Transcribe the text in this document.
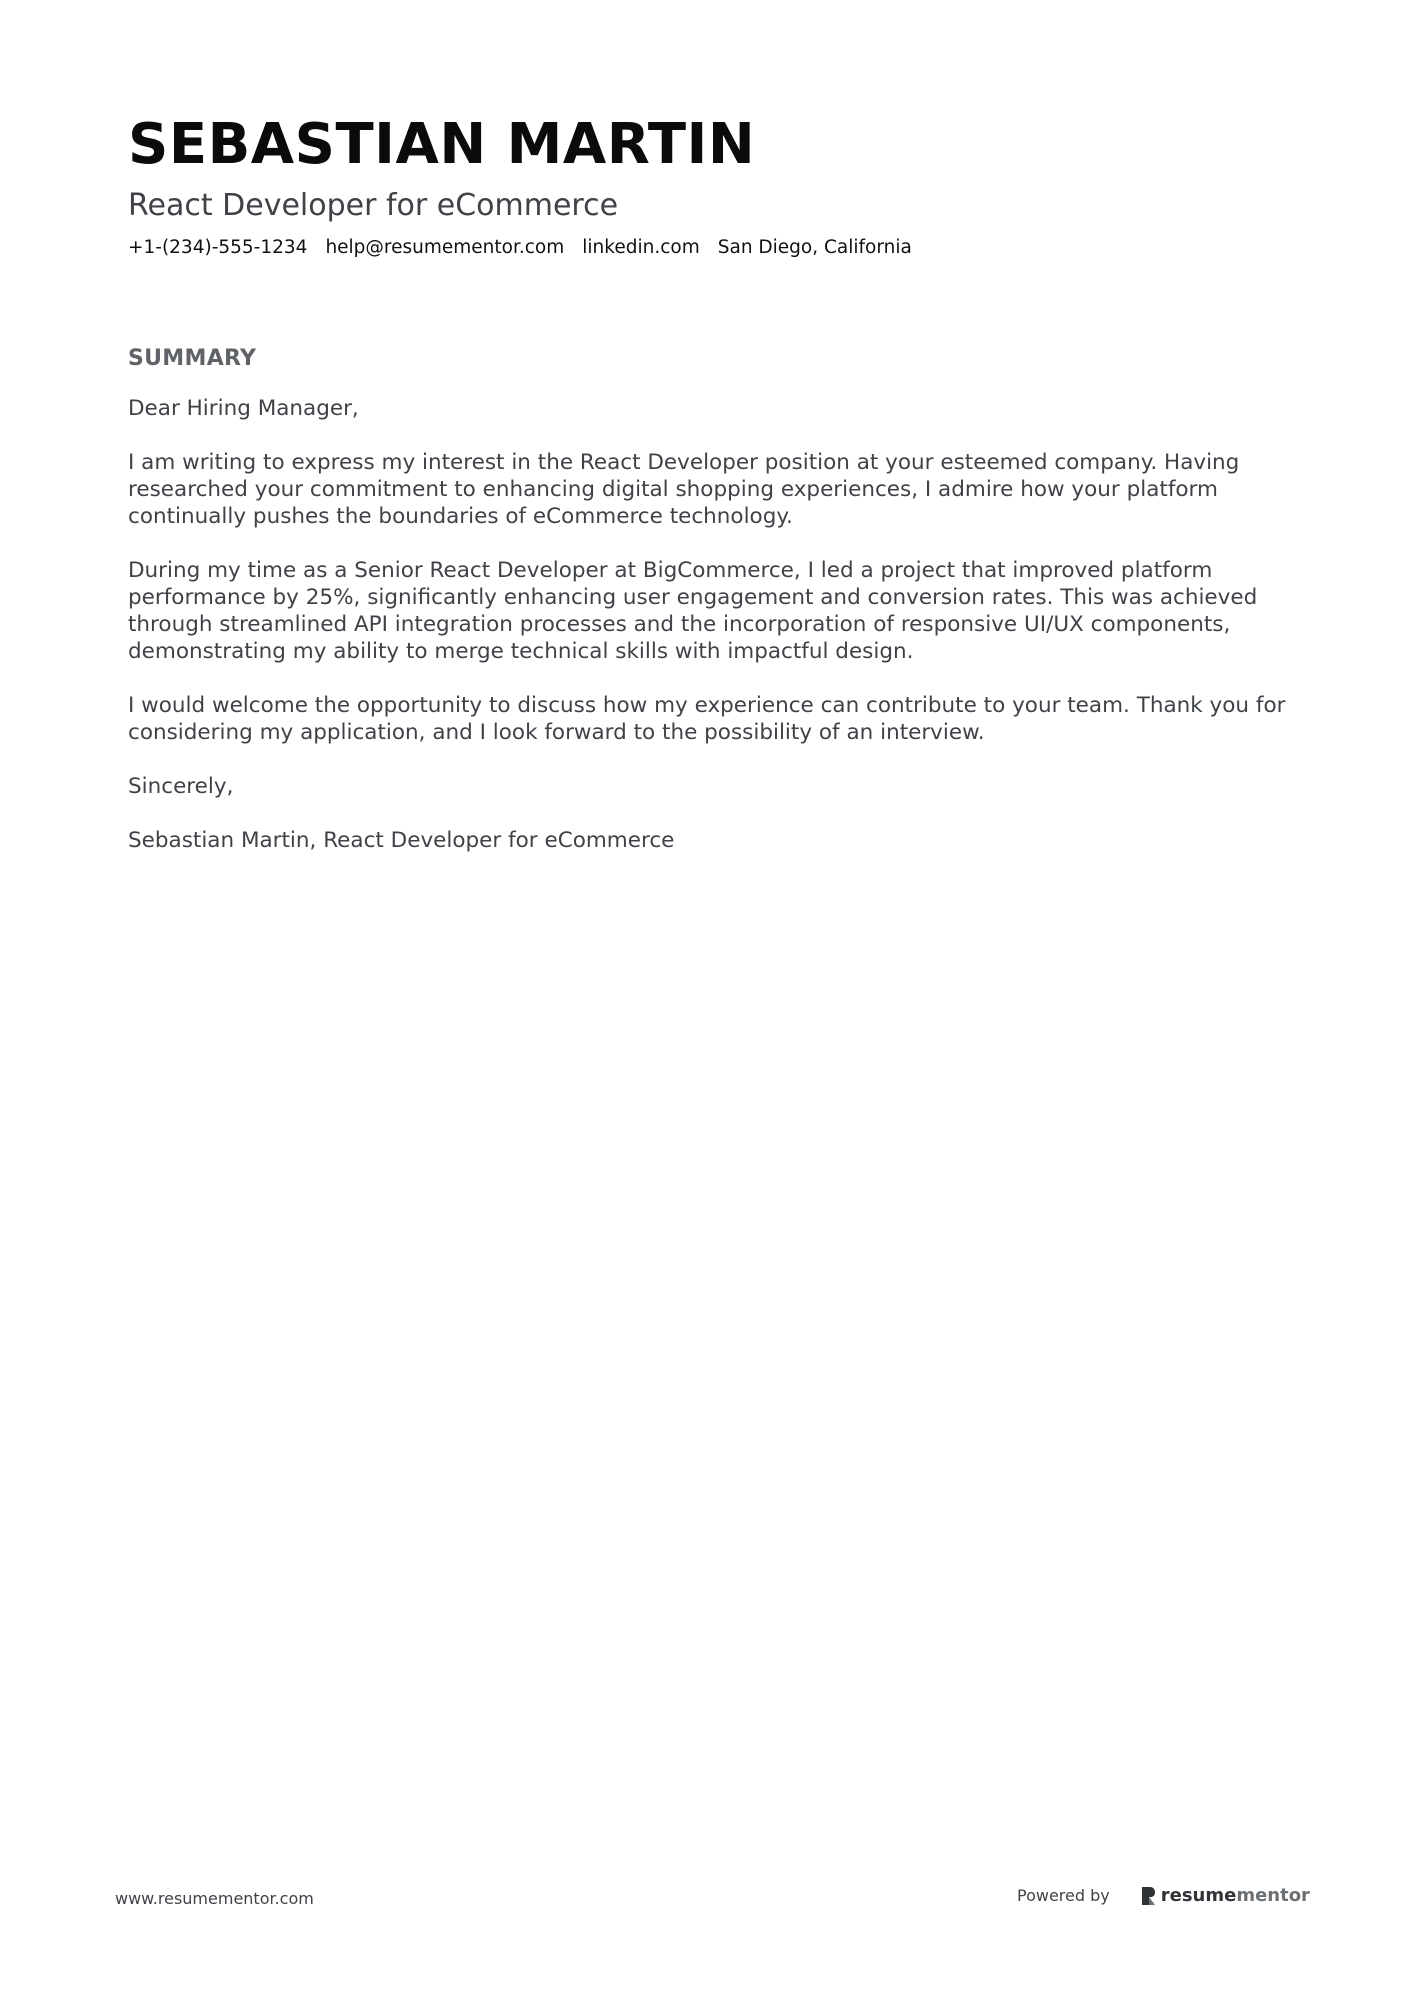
SEBASTIAN MARTIN
React Developer for eCommerce
+1-(234)-555-1234 help@resumementor.com linkedin.com San Diego, California
SUMMARY

Dear Hiring Manager,

I am writing to express my interest in the React Developer position at your esteemed company. Having researched your commitment to enhancing digital shopping experiences, I admire how your platform continually pushes the boundaries of eCommerce technology.

During my time as a Senior React Developer at BigCommerce, I led a project that improved platform performance by 25%, significantly enhancing user engagement and conversion rates. This was achieved through streamlined API integration processes and the incorporation of responsive UI/UX components, demonstrating my ability to merge technical skills with impactful design.

I would welcome the opportunity to discuss how my experience can contribute to your team. Thank you for considering my application, and I look forward to the possibility of an interview.

Sincerely,

Sebastian Martin, React Developer for eCommerce

www.resumementor.com	Powered by	resumementor
